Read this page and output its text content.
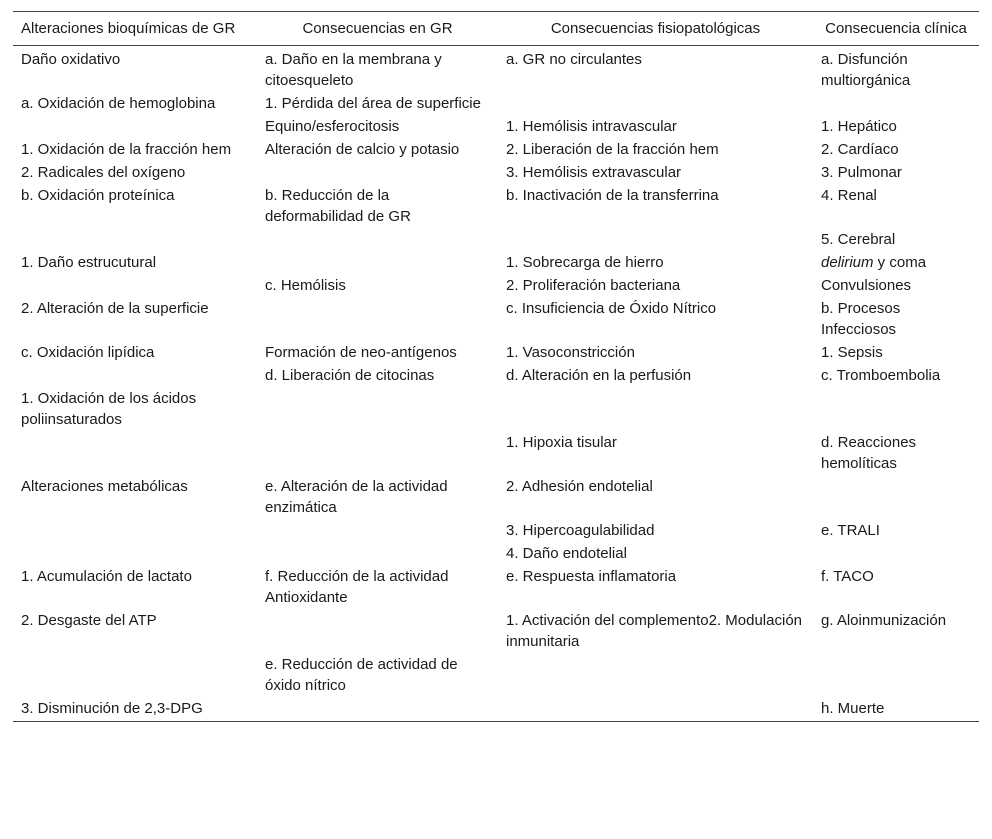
Alteraciones bioquímicas de GR	Consecuencias en GR	Consecuencias fisiopatológicas	Consecuencia clínica
Daño oxidativo	a. Daño en la membrana y citoesqueleto	a. GR no circulantes	a. Disfunción multiorgánica
a. Oxidación de hemoglobina	1. Pérdida del área de superficie		
	Equino/esferocitosis	1. Hemólisis intravascular	1. Hepático
1. Oxidación de la fracción hem	Alteración de calcio y potasio	2. Liberación de la fracción hem	2. Cardíaco
2. Radicales del oxígeno		3. Hemólisis extravascular	3. Pulmonar
b. Oxidación proteínica	b. Reducción de la deformabilidad de GR	b. Inactivación de la transferrina	4. Renal
			5. Cerebral
1. Daño estrucutural		1. Sobrecarga de hierro	delirium y coma
	c. Hemólisis	2. Proliferación bacteriana	Convulsiones
2. Alteración de la superficie		c. Insuficiencia de Óxido Nítrico	b. Procesos Infecciosos
c. Oxidación lipídica	Formación de neo-antígenos	1. Vasoconstricción	1. Sepsis
	d. Liberación de citocinas	d. Alteración en la perfusión	c. Tromboembolia
1. Oxidación de los ácidos poliinsaturados			
		1. Hipoxia tisular	d. Reacciones hemolíticas
Alteraciones metabólicas	e. Alteración de la actividad enzimática	2. Adhesión endotelial	
		3. Hipercoagulabilidad	e. TRALI
		4. Daño endotelial	
1. Acumulación de lactato	f. Reducción de la actividad Antioxidante	e. Respuesta inflamatoria	f. TACO
2. Desgaste del ATP		1. Activación del complemento2. Modulación inmunitaria	g. Aloinmunización
	e. Reducción de actividad de óxido nítrico		
3. Disminución de 2,3-DPG			h. Muerte
